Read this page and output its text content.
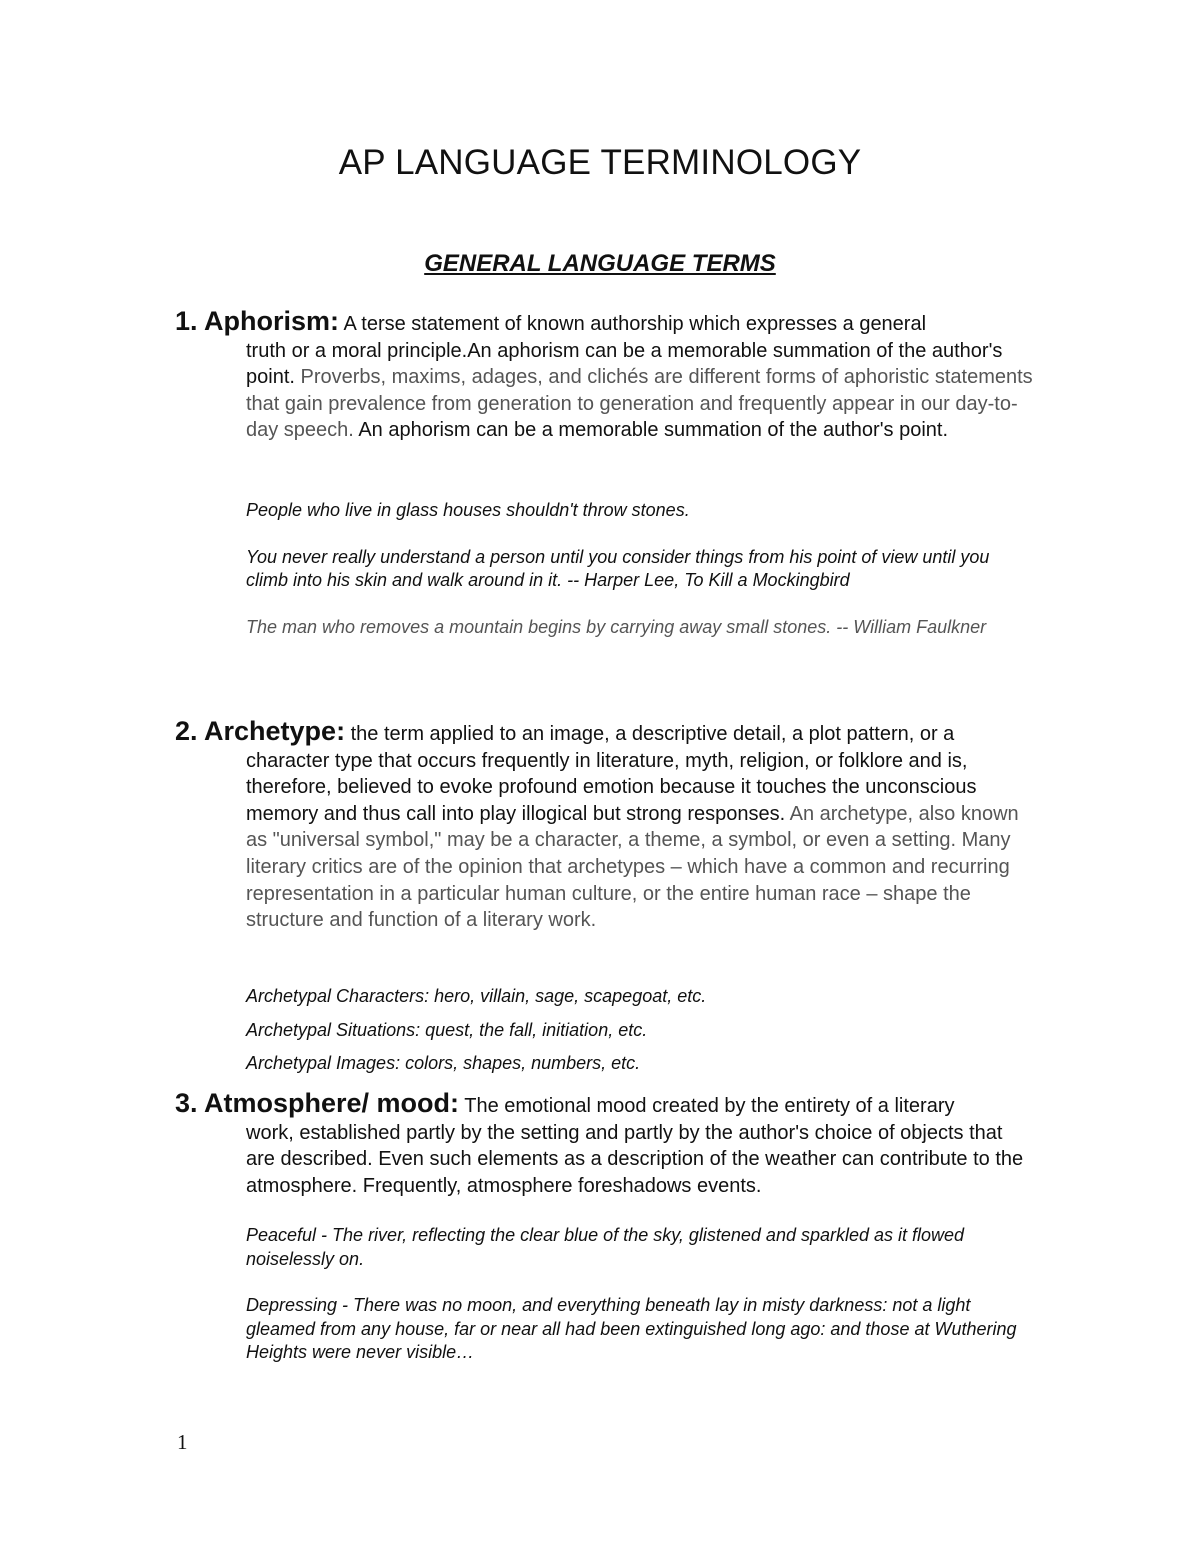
AP LANGUAGE TERMINOLOGY
GENERAL LANGUAGE TERMS
1. Aphorism: A terse statement of known authorship which expresses a general
truth or a moral principle.An aphorism can be a memorable summation of the author's point. Proverbs, maxims, adages, and clichés are different forms of aphoristic statements that gain prevalence from generation to generation and frequently appear in our day-to-day speech. An aphorism can be a memorable summation of the author's point.

People who live in glass houses shouldn't throw stones.

You never really understand a person until you consider things from his point of view until you climb into his skin and walk around in it. -- Harper Lee, To Kill a Mockingbird

The man who removes a mountain begins by carrying away small stones. -- William Faulkner

2. Archetype: the term applied to an image, a descriptive detail, a plot pattern, or a
character type that occurs frequently in literature, myth, religion, or folklore and is, therefore, believed to evoke profound emotion because it touches the unconscious memory and thus call into play illogical but strong responses. An archetype, also known as "universal symbol," may be a character, a theme, a symbol, or even a setting. Many literary critics are of the opinion that archetypes – which have a common and recurring representation in a particular human culture, or the entire human race – shape the structure and function of a literary work.

Archetypal Characters: hero, villain, sage, scapegoat, etc.

Archetypal Situations: quest, the fall, initiation, etc.

Archetypal Images: colors, shapes, numbers, etc.

3. Atmosphere/ mood: The emotional mood created by the entirety of a literary
work, established partly by the setting and partly by the author's choice of objects that are described. Even such elements as a description of the weather can contribute to the atmosphere. Frequently, atmosphere foreshadows events.

Peaceful - The river, reflecting the clear blue of the sky, glistened and sparkled as it flowed noiselessly on.

Depressing - There was no moon, and everything beneath lay in misty darkness: not a light gleamed from any house, far or near all had been extinguished long ago: and those at Wuthering Heights were never visible…

1
